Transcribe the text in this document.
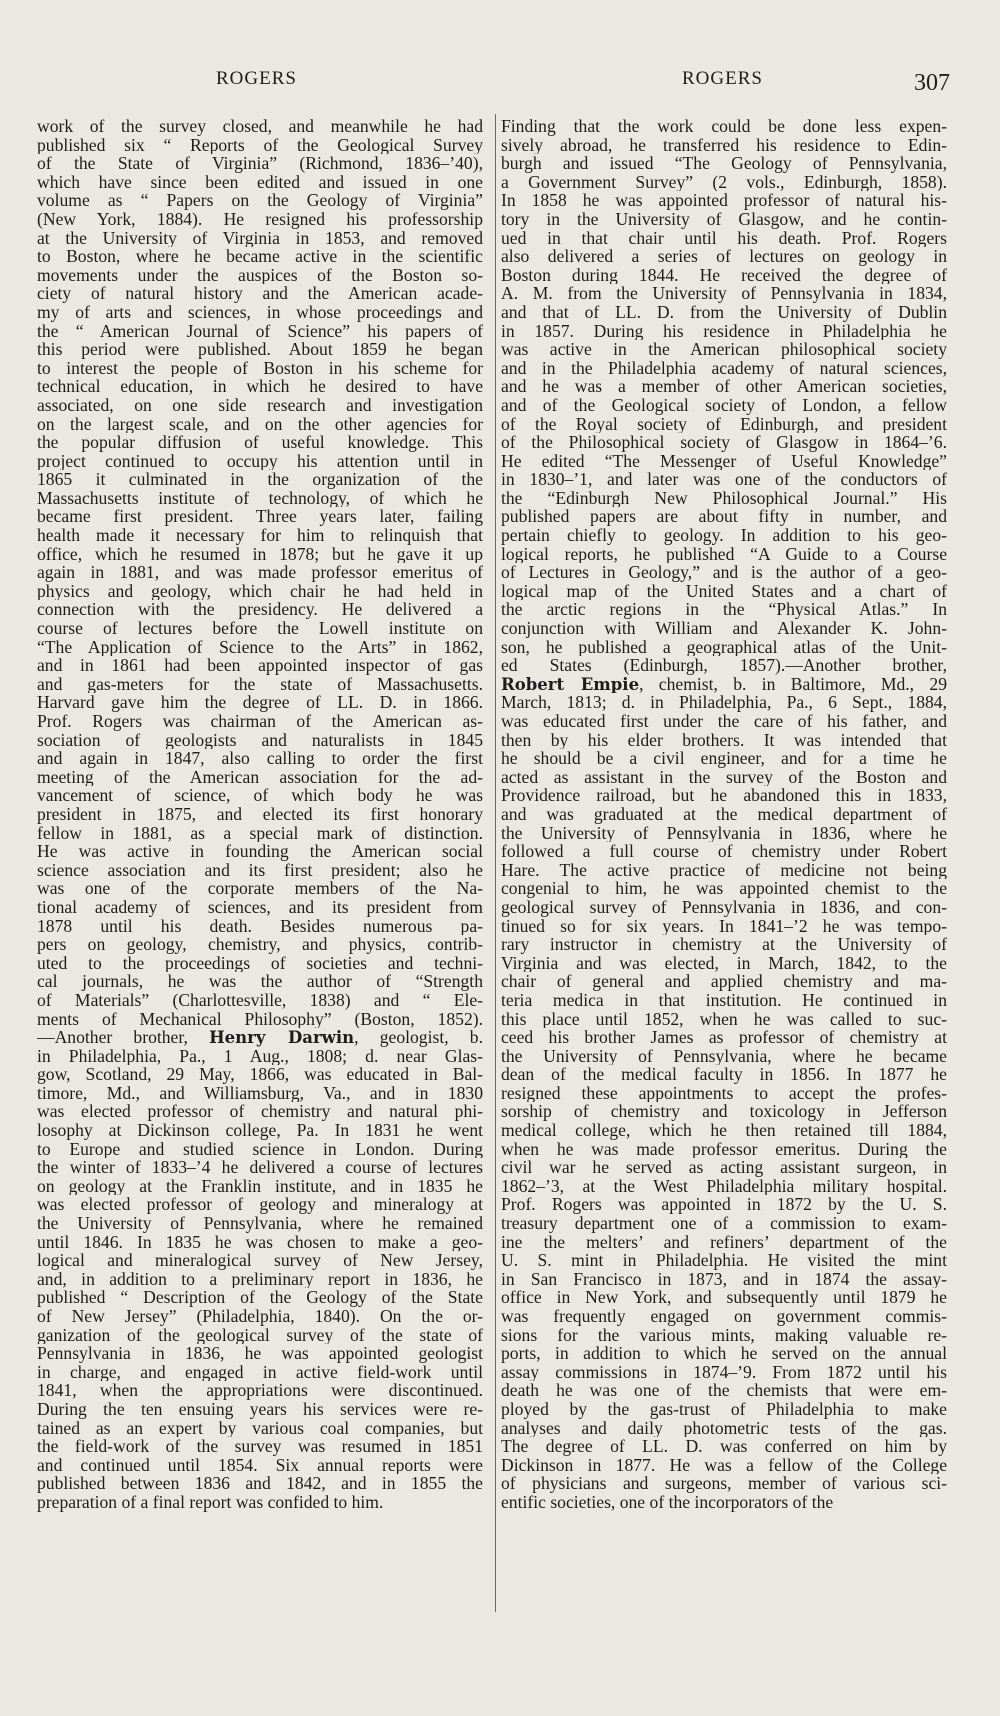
ROGERS	ROGERS	307
work of the survey closed, and meanwhile he had
published six “ Reports of the Geological Survey
of the State of Virginia” (Richmond, 1836–’40),
which have since been edited and issued in one
volume as “ Papers on the Geology of Virginia”
(New York, 1884). He resigned his professorship
at the University of Virginia in 1853, and removed
to Boston, where he became active in the scientific
movements under the auspices of the Boston so-
ciety of natural history and the American acade-
my of arts and sciences, in whose proceedings and
the “ American Journal of Science” his papers of
this period were published. About 1859 he began
to interest the people of Boston in his scheme for
technical education, in which he desired to have
associated, on one side research and investigation
on the largest scale, and on the other agencies for
the popular diffusion of useful knowledge. This
project continued to occupy his attention until in
1865 it culminated in the organization of the
Massachusetts institute of technology, of which he
became first president. Three years later, failing
health made it necessary for him to relinquish that
office, which he resumed in 1878; but he gave it up
again in 1881, and was made professor emeritus of
physics and geology, which chair he had held in
connection with the presidency. He delivered a
course of lectures before the Lowell institute on
“The Application of Science to the Arts” in 1862,
and in 1861 had been appointed inspector of gas
and gas-meters for the state of Massachusetts.
Harvard gave him the degree of LL. D. in 1866.
Prof. Rogers was chairman of the American as-
sociation of geologists and naturalists in 1845
and again in 1847, also calling to order the first
meeting of the American association for the ad-
vancement of science, of which body he was
president in 1875, and elected its first honorary
fellow in 1881, as a special mark of distinction.
He was active in founding the American social
science association and its first president; also he
was one of the corporate members of the Na-
tional academy of sciences, and its president from
1878 until his death. Besides numerous pa-
pers on geology, chemistry, and physics, contrib-
uted to the proceedings of societies and techni-
cal journals, he was the author of “Strength
of Materials” (Charlottesville, 1838) and “ Ele-
ments of Mechanical Philosophy” (Boston, 1852).
—Another brother, Henry Darwin, geologist, b.
in Philadelphia, Pa., 1 Aug., 1808; d. near Glas-
gow, Scotland, 29 May, 1866, was educated in Bal-
timore, Md., and Williamsburg, Va., and in 1830
was elected professor of chemistry and natural phi-
losophy at Dickinson college, Pa. In 1831 he went
to Europe and studied science in London. During
the winter of 1833–’4 he delivered a course of lectures
on geology at the Franklin institute, and in 1835 he
was elected professor of geology and mineralogy at
the University of Pennsylvania, where he remained
until 1846. In 1835 he was chosen to make a geo-
logical and mineralogical survey of New Jersey,
and, in addition to a preliminary report in 1836, he
published “ Description of the Geology of the State
of New Jersey” (Philadelphia, 1840). On the or-
ganization of the geological survey of the state of
Pennsylvania in 1836, he was appointed geologist
in charge, and engaged in active field-work until
1841, when the appropriations were discontinued.
During the ten ensuing years his services were re-
tained as an expert by various coal companies, but
the field-work of the survey was resumed in 1851
and continued until 1854. Six annual reports were
published between 1836 and 1842, and in 1855 the
preparation of a final report was confided to him.
Finding that the work could be done less expen-
sively abroad, he transferred his residence to Edin-
burgh and issued “The Geology of Pennsylvania,
a Government Survey” (2 vols., Edinburgh, 1858).
In 1858 he was appointed professor of natural his-
tory in the University of Glasgow, and he contin-
ued in that chair until his death. Prof. Rogers
also delivered a series of lectures on geology in
Boston during 1844. He received the degree of
A. M. from the University of Pennsylvania in 1834,
and that of LL. D. from the University of Dublin
in 1857. During his residence in Philadelphia he
was active in the American philosophical society
and in the Philadelphia academy of natural sciences,
and he was a member of other American societies,
and of the Geological society of London, a fellow
of the Royal society of Edinburgh, and president
of the Philosophical society of Glasgow in 1864–’6.
He edited “The Messenger of Useful Knowledge”
in 1830–’1, and later was one of the conductors of
the “Edinburgh New Philosophical Journal.” His
published papers are about fifty in number, and
pertain chiefly to geology. In addition to his geo-
logical reports, he published “A Guide to a Course
of Lectures in Geology,” and is the author of a geo-
logical map of the United States and a chart of
the arctic regions in the “Physical Atlas.” In
conjunction with William and Alexander K. John-
son, he published a geographical atlas of the Unit-
ed States (Edinburgh, 1857).—Another brother,
Robert Empie, chemist, b. in Baltimore, Md., 29
March, 1813; d. in Philadelphia, Pa., 6 Sept., 1884,
was educated first under the care of his father, and
then by his elder brothers. It was intended that
he should be a civil engineer, and for a time he
acted as assistant in the survey of the Boston and
Providence railroad, but he abandoned this in 1833,
and was graduated at the medical department of
the University of Pennsylvania in 1836, where he
followed a full course of chemistry under Robert
Hare. The active practice of medicine not being
congenial to him, he was appointed chemist to the
geological survey of Pennsylvania in 1836, and con-
tinued so for six years. In 1841–’2 he was tempo-
rary instructor in chemistry at the University of
Virginia and was elected, in March, 1842, to the
chair of general and applied chemistry and ma-
teria medica in that institution. He continued in
this place until 1852, when he was called to suc-
ceed his brother James as professor of chemistry at
the University of Pennsylvania, where he became
dean of the medical faculty in 1856. In 1877 he
resigned these appointments to accept the profes-
sorship of chemistry and toxicology in Jefferson
medical college, which he then retained till 1884,
when he was made professor emeritus. During the
civil war he served as acting assistant surgeon, in
1862–’3, at the West Philadelphia military hospital.
Prof. Rogers was appointed in 1872 by the U. S.
treasury department one of a commission to exam-
ine the melters’ and refiners’ department of the
U. S. mint in Philadelphia. He visited the mint
in San Francisco in 1873, and in 1874 the assay-
office in New York, and subsequently until 1879 he
was frequently engaged on government commis-
sions for the various mints, making valuable re-
ports, in addition to which he served on the annual
assay commissions in 1874–’9. From 1872 until his
death he was one of the chemists that were em-
ployed by the gas-trust of Philadelphia to make
analyses and daily photometric tests of the gas.
The degree of LL. D. was conferred on him by
Dickinson in 1877. He was a fellow of the College
of physicians and surgeons, member of various sci-
entific societies, one of the incorporators of the
